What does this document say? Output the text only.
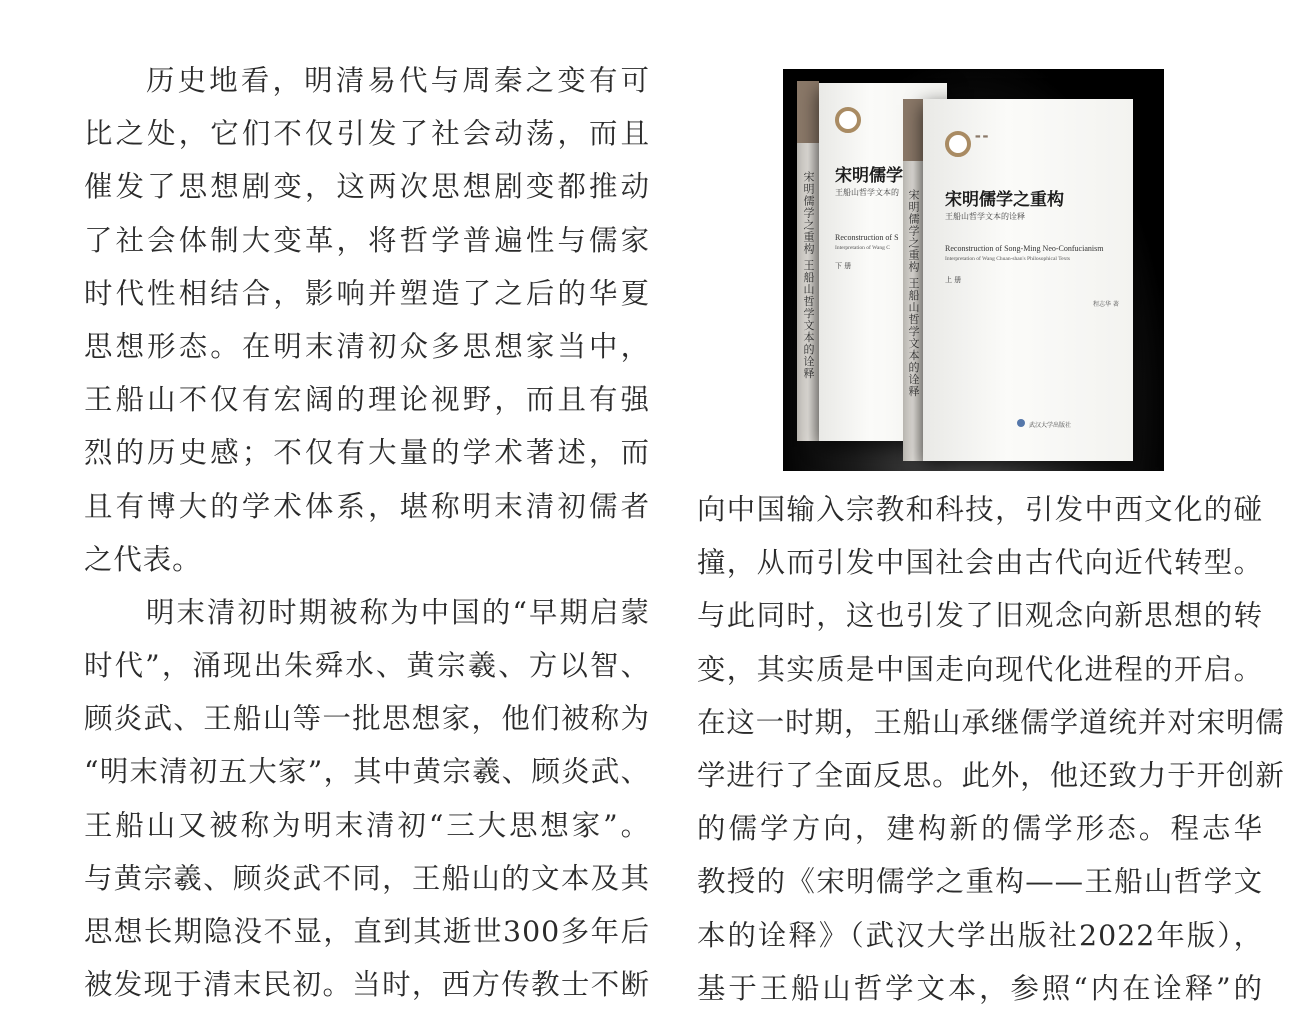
历史地看，明清易代与周秦之变有可
比之处，它们不仅引发了社会动荡，而且
催发了思想剧变，这两次思想剧变都推动
了社会体制大变革，将哲学普遍性与儒家
时代性相结合，影响并塑造了之后的华夏
思想形态。在明末清初众多思想家当中，
王船山不仅有宏阔的理论视野，而且有强
烈的历史感；不仅有大量的学术著述，而
且有博大的学术体系，堪称明末清初儒者
之代表。
明末清初时期被称为中国的“早期启蒙
时代”，涌现出朱舜水、黄宗羲、方以智、
顾炎武、王船山等一批思想家，他们被称为
“明末清初五大家”，其中黄宗羲、顾炎武、
王船山又被称为明末清初“三大思想家”。
与黄宗羲、顾炎武不同，王船山的文本及其
思想长期隐没不显，直到其逝世300多年后
被发现于清末民初。当时，西方传教士不断
向中国输入宗教和科技，引发中西文化的碰
撞，从而引发中国社会由古代向近代转型。
与此同时，这也引发了旧观念向新思想的转
变，其实质是中国走向现代化进程的开启。
在这一时期，王船山承继儒学道统并对宋明儒
学进行了全面反思。此外，他还致力于开创新
的儒学方向，建构新的儒学形态。程志华
教授的《宋明儒学之重构——王船山哲学文
本的诠释》（武汉大学出版社2022年版），
基于王船山哲学文本，参照“内在诠释”的
宋明儒学之重构 王船山哲学文本的诠释 宋明儒学
王船山哲学文本的
Reconstruction of S
Interpretation of Wang C
下 册	宋明儒学之重构 王船山哲学文本的诠释
▬ ▬
宋明儒学之重构
王船山哲学文本的诠释
Reconstruction of Song-Ming Neo-Confucianism
Interpretation of Wang Chuan-shan's Philosophical Texts
上 册
程志华 著
武汉大学出版社
